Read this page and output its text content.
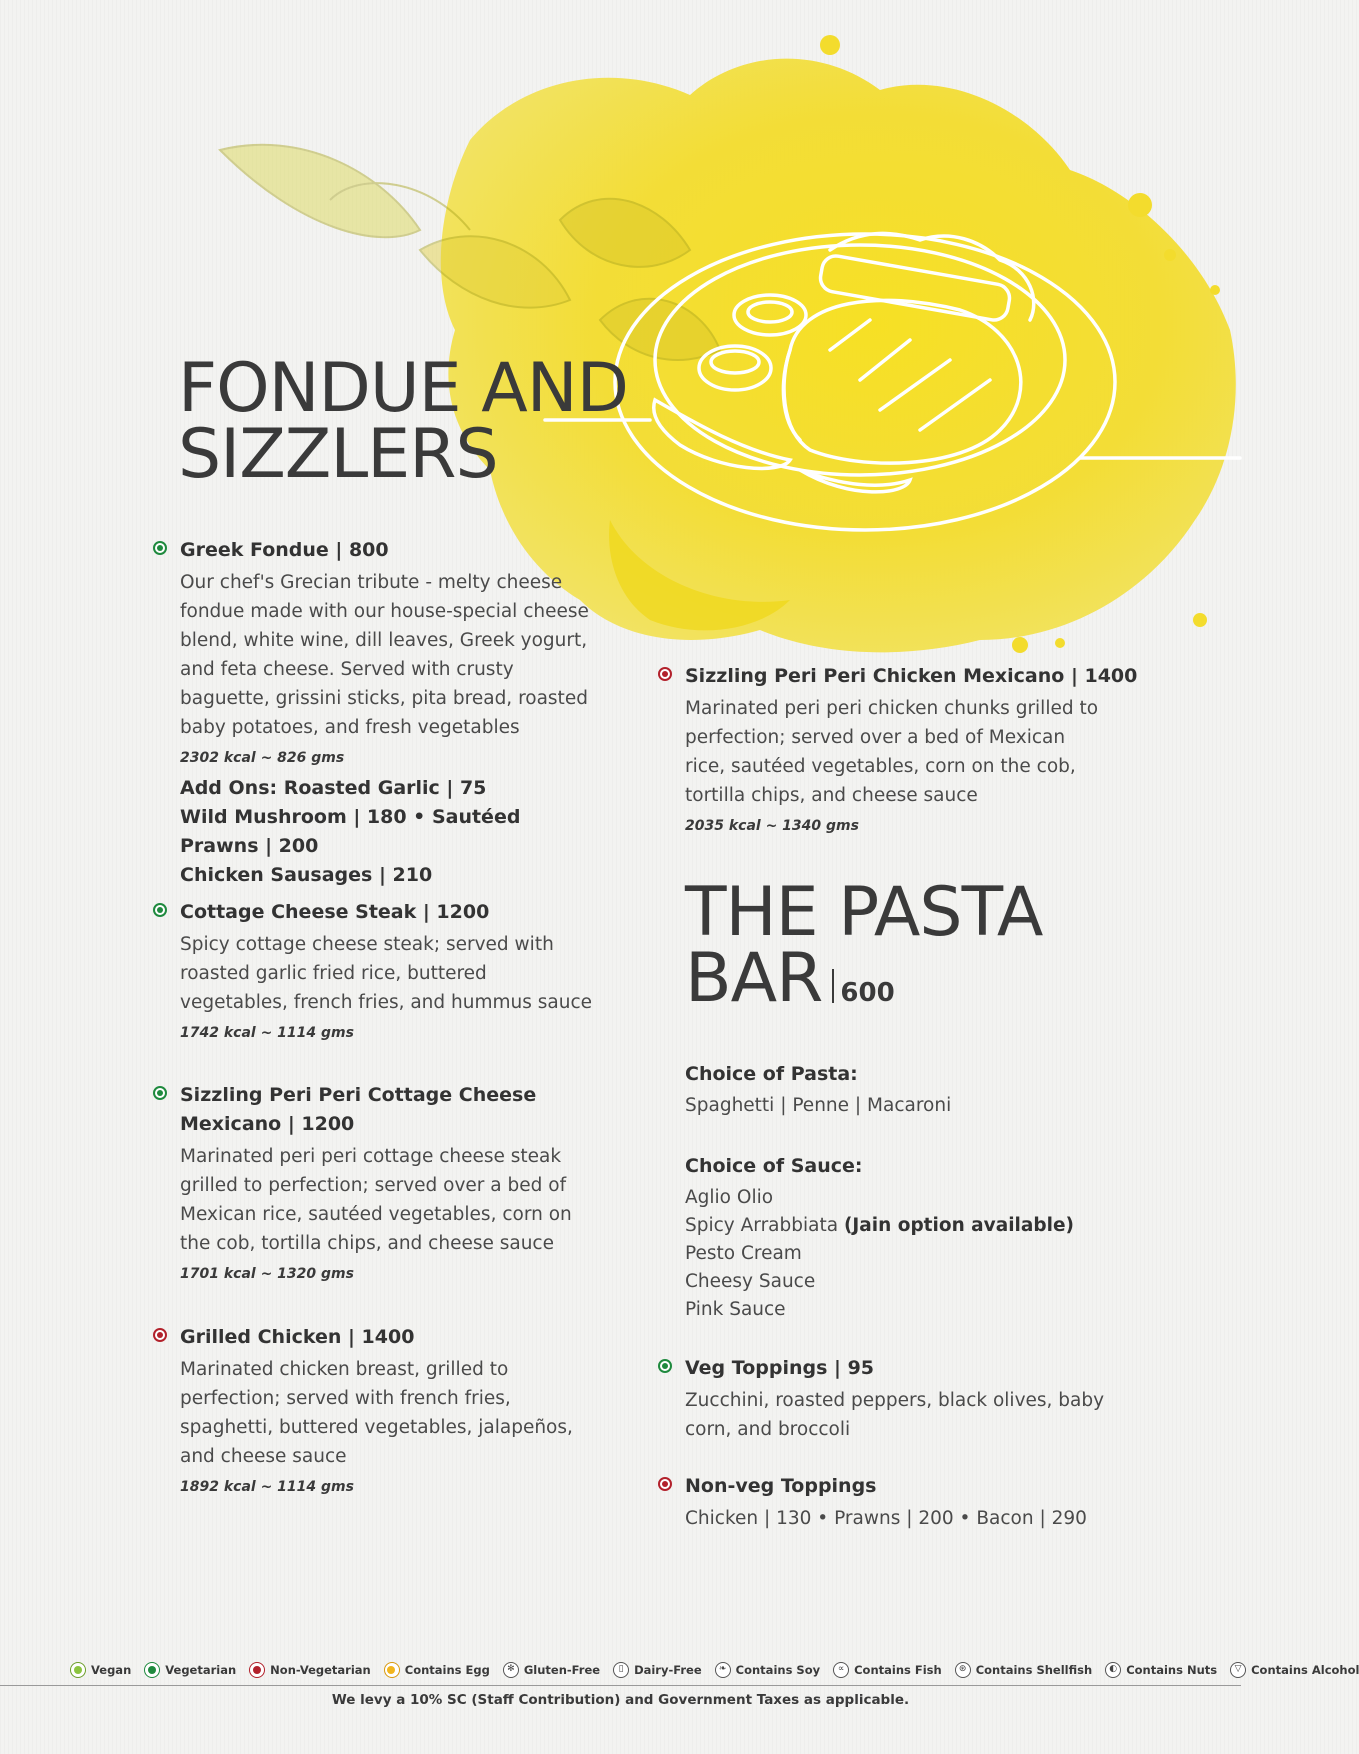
FONDUE AND
SIZZLERS
Greek Fondue | 800
Our chef's Grecian tribute - melty cheese fondue made with our house-special cheese blend, white wine, dill leaves, Greek yogurt, and feta cheese. Served with crusty baguette, grissini sticks, pita bread, roasted baby potatoes, and fresh vegetables
2302 kcal ~ 826 gms
Add Ons: Roasted Garlic | 75
Wild Mushroom | 180 • Sautéed Prawns | 200
Chicken Sausages | 210
Cottage Cheese Steak | 1200
Spicy cottage cheese steak; served with roasted garlic fried rice, buttered vegetables, french fries, and hummus sauce
1742 kcal ~ 1114 gms
Sizzling Peri Peri Cottage Cheese
Mexicano | 1200
Marinated peri peri cottage cheese steak grilled to perfection; served over a bed of Mexican rice, sautéed vegetables, corn on the cob, tortilla chips, and cheese sauce
1701 kcal ~ 1320 gms
Grilled Chicken | 1400
Marinated chicken breast, grilled to perfection; served with french fries, spaghetti, buttered vegetables, jalapeños, and cheese sauce
1892 kcal ~ 1114 gms
Sizzling Peri Peri Chicken Mexicano | 1400
Marinated peri peri chicken chunks grilled to perfection; served over a bed of Mexican rice, sautéed vegetables, corn on the cob, tortilla chips, and cheese sauce
2035 kcal ~ 1340 gms
THE PASTA
BAR 600
Choice of Pasta:
Spaghetti | Penne | Macaroni
Choice of Sauce:
Aglio Olio
Spicy Arrabbiata (Jain option available)
Pesto Cream
Cheesy Sauce
Pink Sauce
Veg Toppings | 95
Zucchini, roasted peppers, black olives, baby corn, and broccoli
Non-veg Toppings
Chicken | 130 • Prawns | 200 • Bacon | 290
Vegan	Vegetarian	Non-Vegetarian	Contains Egg	✻ Gluten-Free	▯ Dairy-Free	❧ Contains Soy	∝ Contains Fish	⊛ Contains Shellfish	◐ Contains Nuts	▽ Contains Alcohol
We levy a 10% SC (Staff Contribution) and Government Taxes as applicable.
